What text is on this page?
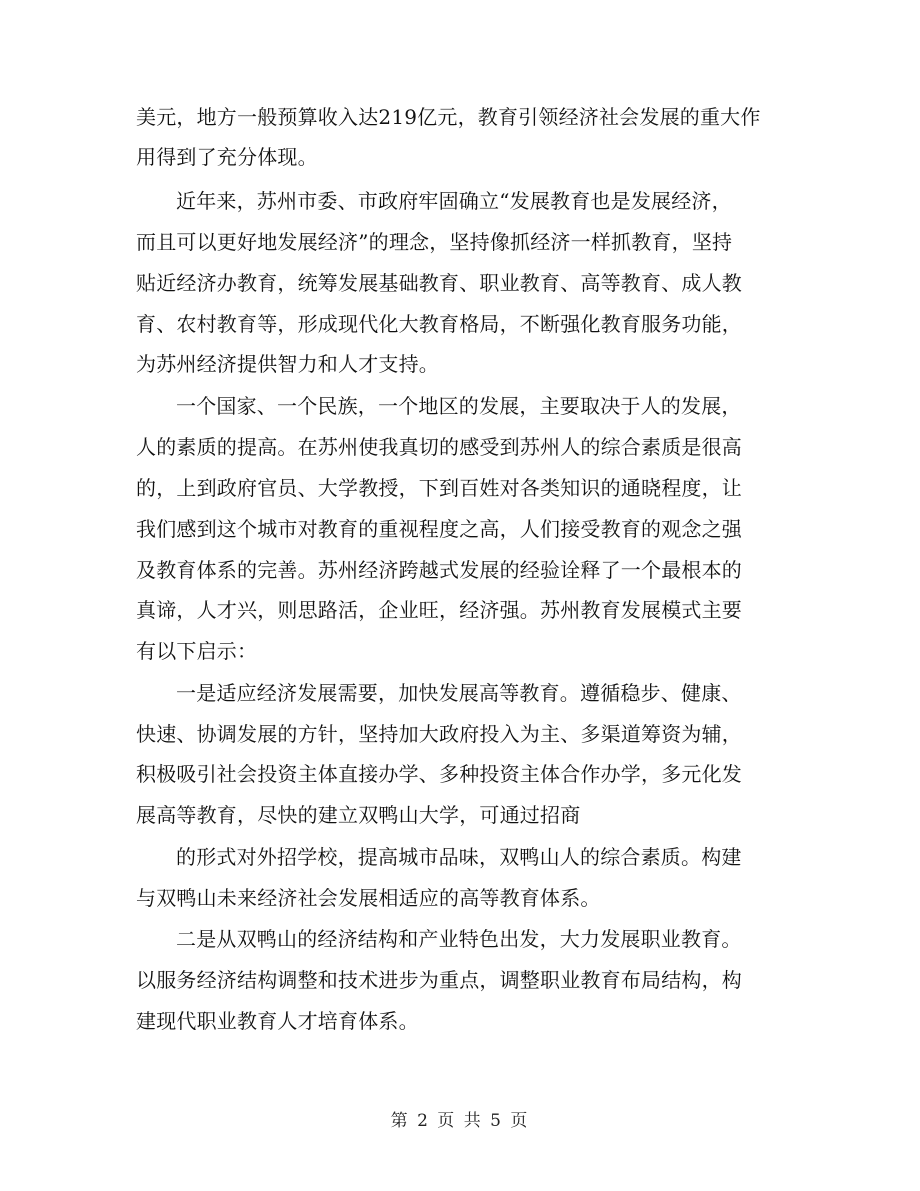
美元，地方一般预算收入达219亿元，教育引领经济社会发展的重大作
用得到了充分体现。
近年来，苏州市委、市政府牢固确立“发展教育也是发展经济，
而且可以更好地发展经济”的理念，坚持像抓经济一样抓教育，坚持
贴近经济办教育，统筹发展基础教育、职业教育、高等教育、成人教
育、农村教育等，形成现代化大教育格局，不断强化教育服务功能，
为苏州经济提供智力和人才支持。
一个国家、一个民族，一个地区的发展，主要取决于人的发展，
人的素质的提高。在苏州使我真切的感受到苏州人的综合素质是很高
的，上到政府官员、大学教授，下到百姓对各类知识的通晓程度，让
我们感到这个城市对教育的重视程度之高，人们接受教育的观念之强
及教育体系的完善。苏州经济跨越式发展的经验诠释了一个最根本的
真谛，人才兴，则思路活，企业旺，经济强。苏州教育发展模式主要
有以下启示：
一是适应经济发展需要，加快发展高等教育。遵循稳步、健康、
快速、协调发展的方针，坚持加大政府投入为主、多渠道筹资为辅，
积极吸引社会投资主体直接办学、多种投资主体合作办学，多元化发
展高等教育，尽快的建立双鸭山大学，可通过招商
的形式对外招学校，提高城市品味，双鸭山人的综合素质。构建
与双鸭山未来经济社会发展相适应的高等教育体系。
二是从双鸭山的经济结构和产业特色出发，大力发展职业教育。
以服务经济结构调整和技术进步为重点，调整职业教育布局结构，构
建现代职业教育人才培育体系。
第 2 页 共 5 页
